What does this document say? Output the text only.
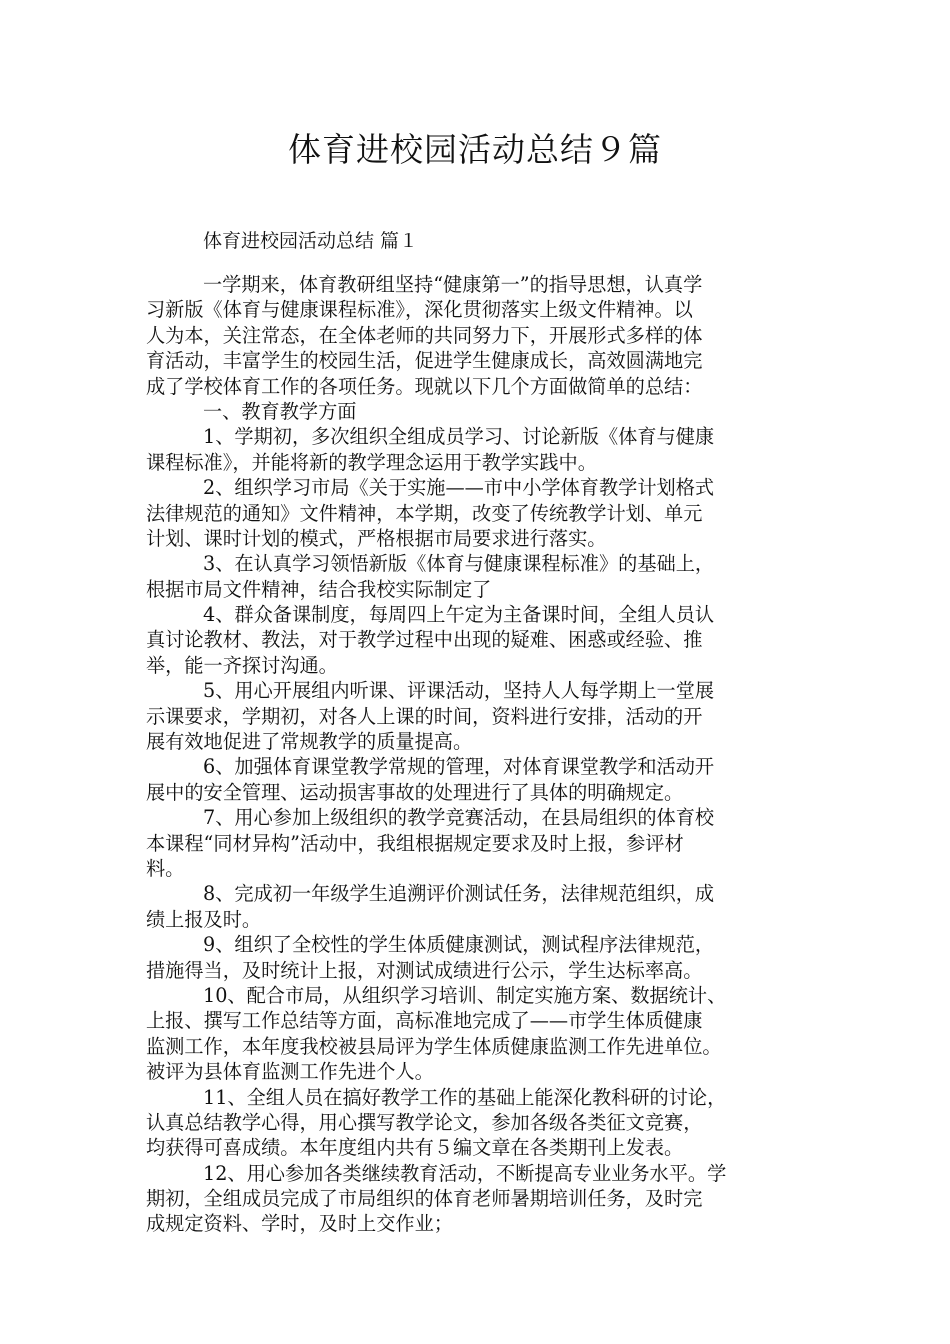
体育进校园活动总结９篇
体育进校园活动总结 篇１
一学期来，体育教研组坚持“健康第一”的指导思想，认真学
习新版《体育与健康课程标准》，深化贯彻落实上级文件精神。以
人为本，关注常态，在全体老师的共同努力下，开展形式多样的体
育活动，丰富学生的校园生活，促进学生健康成长，高效圆满地完
成了学校体育工作的各项任务。现就以下几个方面做简单的总结：
一、教育教学方面
1、学期初，多次组织全组成员学习、讨论新版《体育与健康
课程标准》，并能将新的教学理念运用于教学实践中。
2、组织学习市局《关于实施——市中小学体育教学计划格式
法律规范的通知》文件精神，本学期，改变了传统教学计划、单元
计划、课时计划的模式，严格根据市局要求进行落实。
3、在认真学习领悟新版《体育与健康课程标准》的基础上，
根据市局文件精神，结合我校实际制定了
4、群众备课制度，每周四上午定为主备课时间，全组人员认
真讨论教材、教法，对于教学过程中出现的疑难、困惑或经验、推
举，能一齐探讨沟通。
5、用心开展组内听课、评课活动，坚持人人每学期上一堂展
示课要求，学期初，对各人上课的时间，资料进行安排，活动的开
展有效地促进了常规教学的质量提高。
6、加强体育课堂教学常规的管理，对体育课堂教学和活动开
展中的安全管理、运动损害事故的处理进行了具体的明确规定。
7、用心参加上级组织的教学竞赛活动，在县局组织的体育校
本课程“同材异构”活动中，我组根据规定要求及时上报，参评材
料。
8、完成初一年级学生追溯评价测试任务，法律规范组织，成
绩上报及时。
9、组织了全校性的学生体质健康测试，测试程序法律规范，
措施得当，及时统计上报，对测试成绩进行公示，学生达标率高。
10、配合市局，从组织学习培训、制定实施方案、数据统计、
上报、撰写工作总结等方面，高标准地完成了——市学生体质健康
监测工作，本年度我校被县局评为学生体质健康监测工作先进单位。
被评为县体育监测工作先进个人。
11、全组人员在搞好教学工作的基础上能深化教科研的讨论，
认真总结教学心得，用心撰写教学论文，参加各级各类征文竞赛，
均获得可喜成绩。本年度组内共有５编文章在各类期刊上发表。
12、用心参加各类继续教育活动，不断提高专业业务水平。学
期初，全组成员完成了市局组织的体育老师暑期培训任务，及时完
成规定资料、学时，及时上交作业；
